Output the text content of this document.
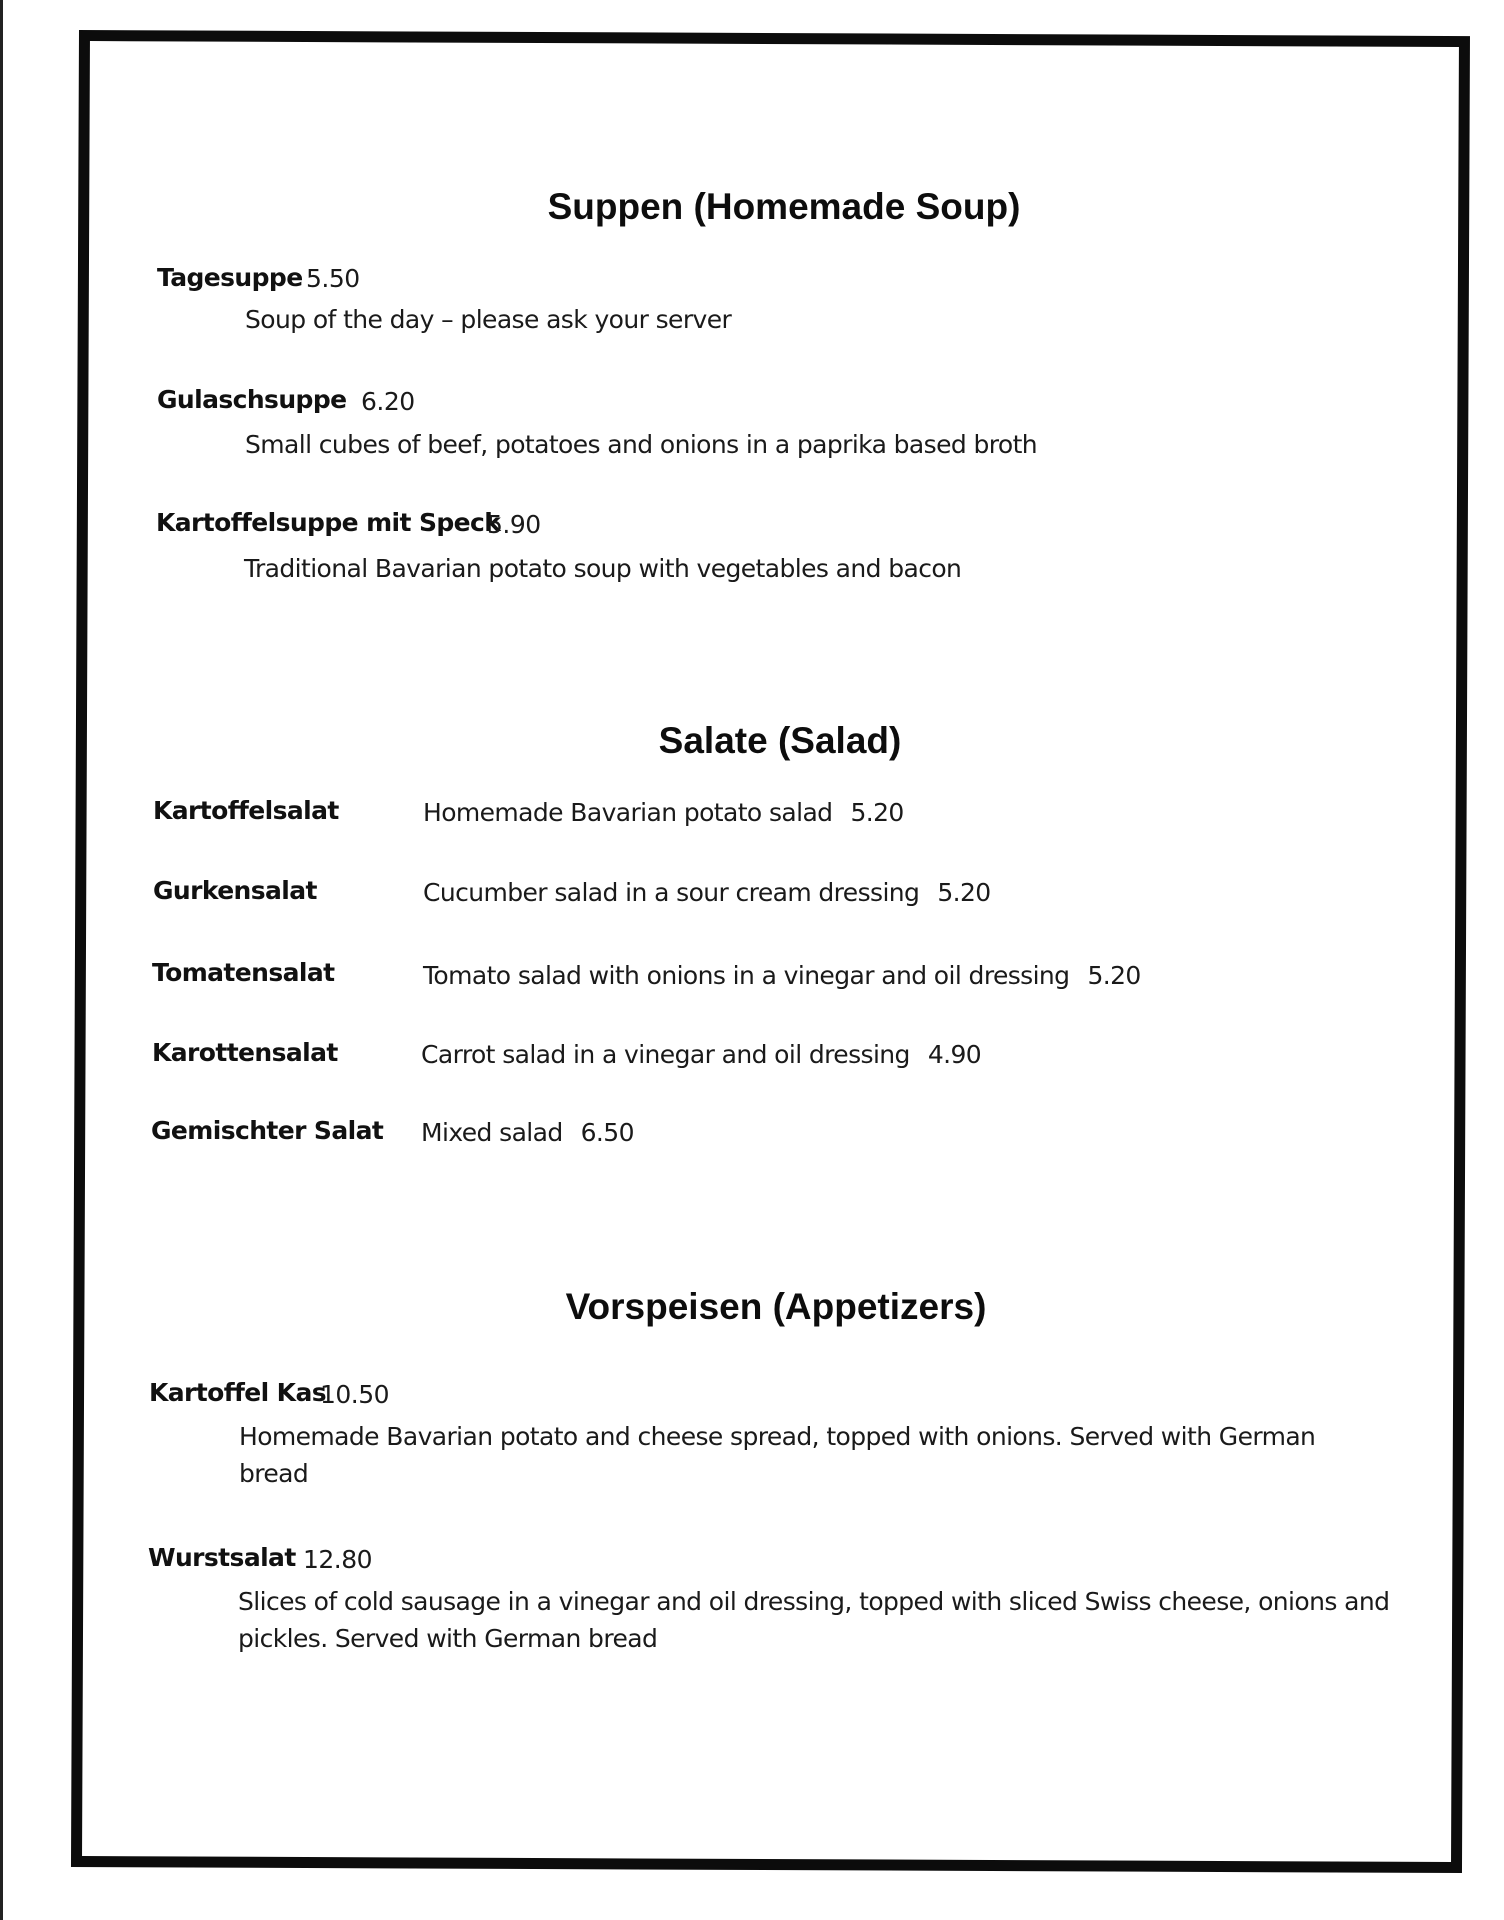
Suppen (Homemade Soup)
Tagesuppe 5.50
Soup of the day – please ask your server
Gulaschsuppe 6.20
Small cubes of beef, potatoes and onions in a paprika based broth
Kartoffelsuppe mit Speck
5.90
Traditional Bavarian potato soup with vegetables and bacon
Salate (Salad)
Kartoffelsalat	Homemade Bavarian potato salad 5.20
Gurkensalat	Cucumber salad in a sour cream dressing 5.20
Tomatensalat	Tomato salad with onions in a vinegar and oil dressing 5.20
Karottensalat	Carrot salad in a vinegar and oil dressing 4.90
Gemischter Salat Mixed salad 6.50
Vorspeisen (Appetizers)
Kartoffel Kas
10.50
Homemade Bavarian potato and cheese spread, topped with onions. Served with German bread
Wurstsalat 12.80
Slices of cold sausage in a vinegar and oil dressing, topped with sliced Swiss cheese, onions and pickles. Served with German bread
